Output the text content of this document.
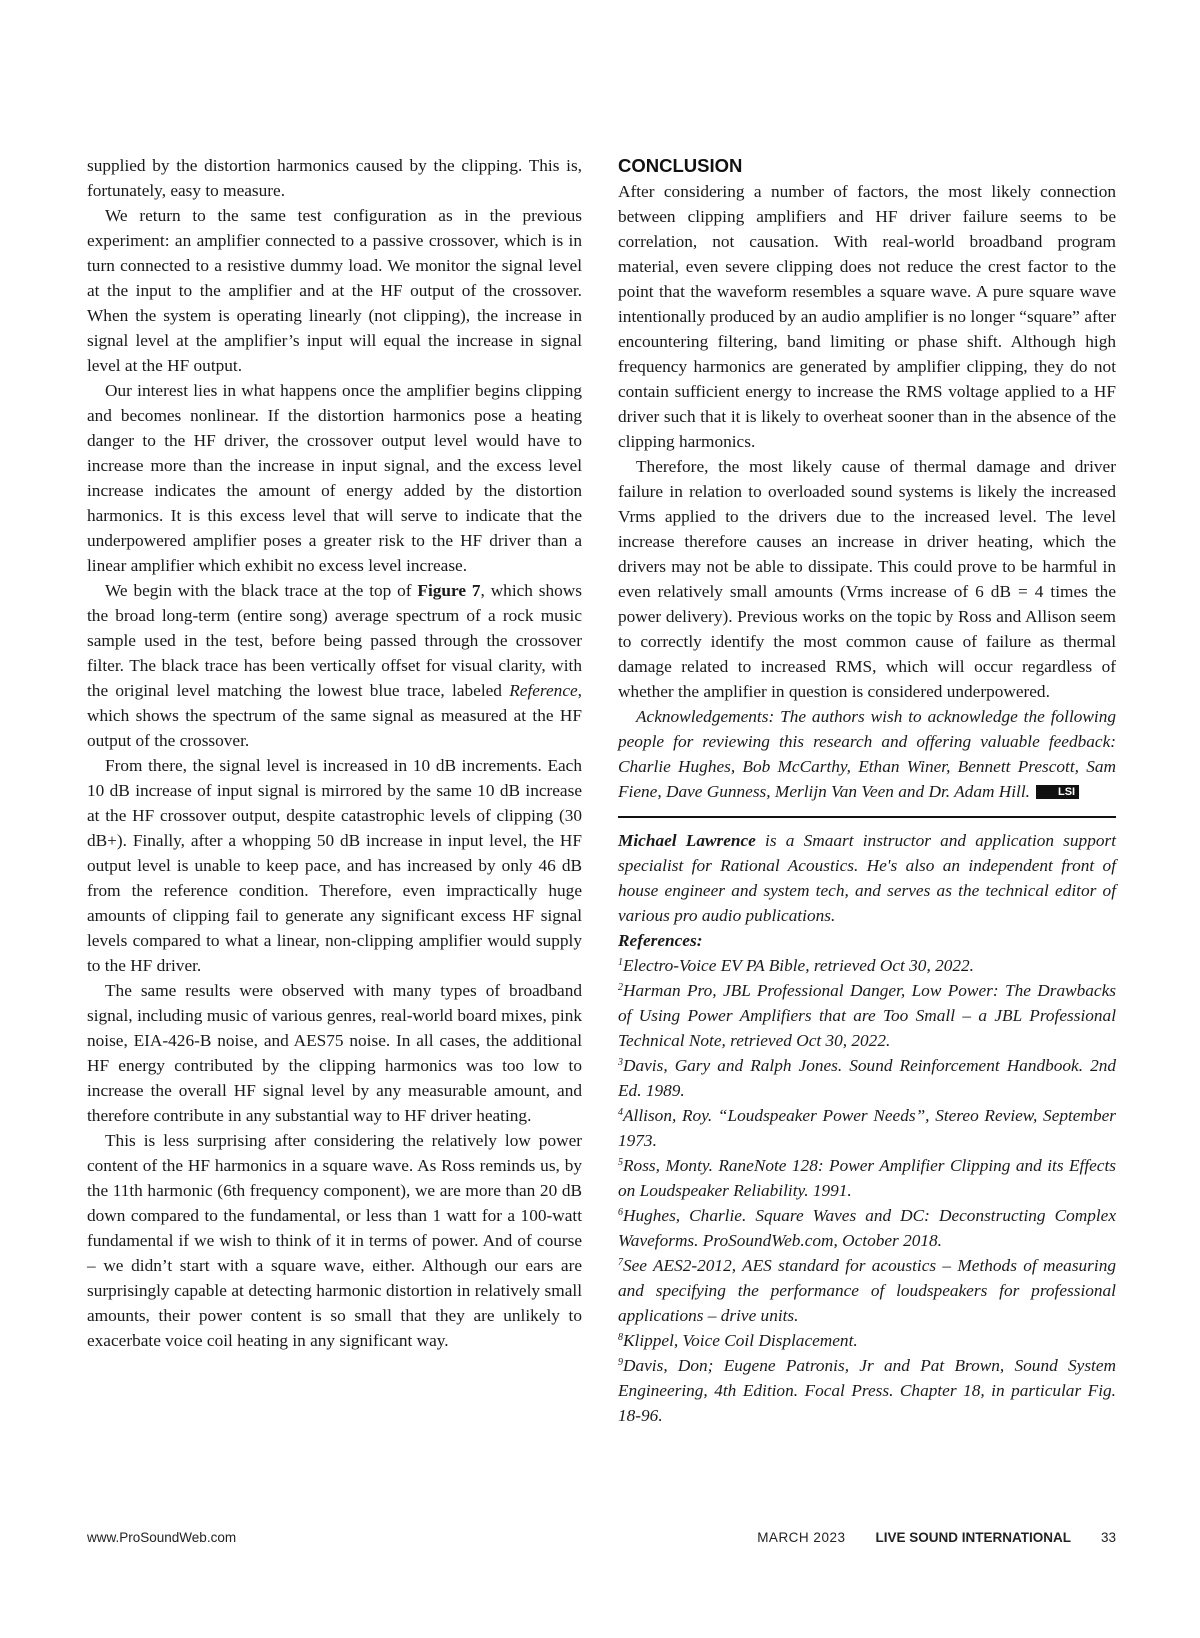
supplied by the distortion harmonics caused by the clipping. This is, fortunately, easy to measure.

We return to the same test configuration as in the previous experiment: an amplifier connected to a passive crossover, which is in turn connected to a resistive dummy load. We monitor the signal level at the input to the amplifier and at the HF output of the crossover. When the system is operating linearly (not clipping), the increase in signal level at the amplifier’s input will equal the increase in signal level at the HF output.

Our interest lies in what happens once the amplifier begins clipping and becomes nonlinear. If the distortion harmonics pose a heating danger to the HF driver, the crossover output level would have to increase more than the increase in input signal, and the excess level increase indicates the amount of energy added by the distortion harmonics. It is this excess level that will serve to indicate that the underpowered amplifier poses a greater risk to the HF driver than a linear amplifier which exhibit no excess level increase.

We begin with the black trace at the top of Figure 7, which shows the broad long-term (entire song) average spectrum of a rock music sample used in the test, before being passed through the crossover filter. The black trace has been vertically offset for visual clarity, with the original level matching the lowest blue trace, labeled Reference, which shows the spectrum of the same signal as measured at the HF output of the crossover.

From there, the signal level is increased in 10 dB increments. Each 10 dB increase of input signal is mirrored by the same 10 dB increase at the HF crossover output, despite catastrophic levels of clipping (30 dB+). Finally, after a whopping 50 dB increase in input level, the HF output level is unable to keep pace, and has increased by only 46 dB from the reference condition. Therefore, even impractically huge amounts of clipping fail to generate any significant excess HF signal levels compared to what a linear, non-clipping amplifier would supply to the HF driver.

The same results were observed with many types of broadband signal, including music of various genres, real-world board mixes, pink noise, EIA-426-B noise, and AES75 noise. In all cases, the additional HF energy contributed by the clipping harmonics was too low to increase the overall HF signal level by any measurable amount, and therefore contribute in any substantial way to HF driver heating.

This is less surprising after considering the relatively low power content of the HF harmonics in a square wave. As Ross reminds us, by the 11th harmonic (6th frequency component), we are more than 20 dB down compared to the fundamental, or less than 1 watt for a 100-watt fundamental if we wish to think of it in terms of power. And of course – we didn’t start with a square wave, either. Although our ears are surprisingly capable at detecting harmonic distortion in relatively small amounts, their power content is so small that they are unlikely to exacerbate voice coil heating in any significant way.

CONCLUSION

After considering a number of factors, the most likely connection between clipping amplifiers and HF driver failure seems to be correlation, not causation. With real-world broadband program material, even severe clipping does not reduce the crest factor to the point that the waveform resembles a square wave. A pure square wave intentionally produced by an audio amplifier is no longer “square” after encountering filtering, band limiting or phase shift. Although high frequency harmonics are generated by amplifier clipping, they do not contain sufficient energy to increase the RMS voltage applied to a HF driver such that it is likely to overheat sooner than in the absence of the clipping harmonics.

Therefore, the most likely cause of thermal damage and driver failure in relation to overloaded sound systems is likely the increased Vrms applied to the drivers due to the increased level. The level increase therefore causes an increase in driver heating, which the drivers may not be able to dissipate. This could prove to be harmful in even relatively small amounts (Vrms increase of 6 dB = 4 times the power delivery). Previous works on the topic by Ross and Allison seem to correctly identify the most common cause of failure as thermal damage related to increased RMS, which will occur regardless of whether the amplifier in question is considered underpowered.

Acknowledgements: The authors wish to acknowledge the following people for reviewing this research and offering valuable feedback: Charlie Hughes, Bob McCarthy, Ethan Winer, Bennett Prescott, Sam Fiene, Dave Gunness, Merlijn Van Veen and Dr. Adam Hill.	LSI

Michael Lawrence is a Smaart instructor and application support specialist for Rational Acoustics. He's also an independent front of house engineer and system tech, and serves as the technical editor of various pro audio publications.

References:

$^1$Electro-Voice EV PA Bible, retrieved Oct 30, 2022.

$^2$Harman Pro, JBL Professional Danger, Low Power: The Drawbacks of Using Power Amplifiers that are Too Small – a JBL Professional Technical Note, retrieved Oct 30, 2022.

$^3$Davis, Gary and Ralph Jones. Sound Reinforcement Handbook. 2nd Ed. 1989.

$^4$Allison, Roy. “Loudspeaker Power Needs”, Stereo Review, September 1973.

$^5$Ross, Monty. RaneNote 128: Power Amplifier Clipping and its Effects on Loudspeaker Reliability. 1991.

$^6$Hughes, Charlie. Square Waves and DC: Deconstructing Complex Waveforms. ProSoundWeb.com, October 2018.

$^7$See AES2-2012, AES standard for acoustics – Methods of measuring and specifying the performance of loudspeakers for professional applications – drive units.

$^8$Klippel, Voice Coil Displacement.

$^9$Davis, Don; Eugene Patronis, Jr and Pat Brown, Sound System Engineering, 4th Edition. Focal Press. Chapter 18, in particular Fig. 18-96.

www.ProSoundWeb.com	MARCH 2023 LIVE SOUND INTERNATIONAL 33
